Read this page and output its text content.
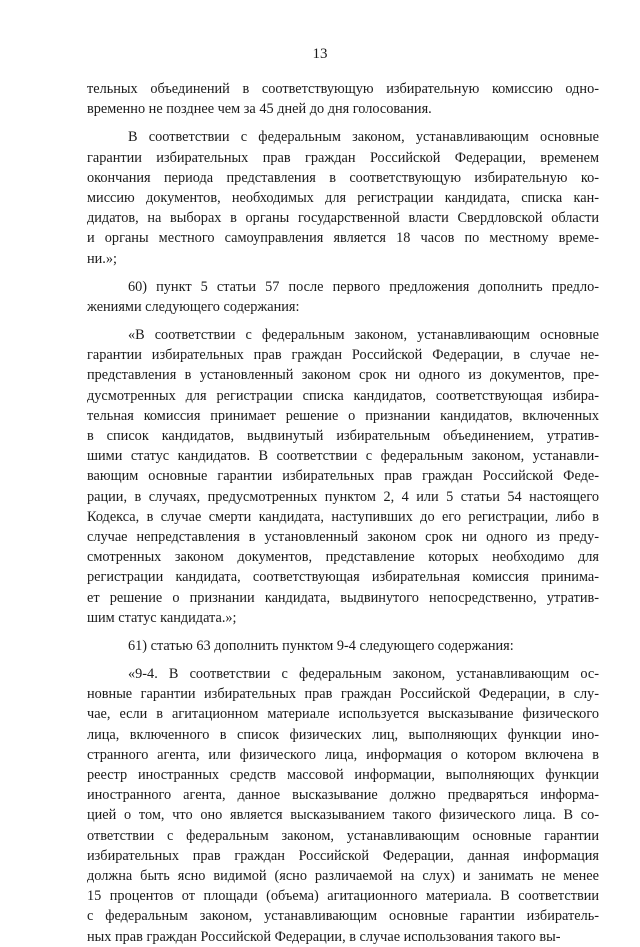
13
тельных объединений в соответствующую избирательную комиссию одно-
временно не позднее чем за 45 дней до дня голосования.
В соответствии с федеральным законом, устанавливающим основные
гарантии избирательных прав граждан Российской Федерации, временем
окончания периода представления в соответствующую избирательную ко-
миссию документов, необходимых для регистрации кандидата, списка кан-
дидатов, на выборах в органы государственной власти Свердловской области
и органы местного самоуправления является 18 часов по местному време-
ни.»;
60) пункт 5 статьи 57 после первого предложения дополнить предло-
жениями следующего содержания:
«В соответствии с федеральным законом, устанавливающим основные
гарантии избирательных прав граждан Российской Федерации, в случае не-
представления в установленный законом срок ни одного из документов, пре-
дусмотренных для регистрации списка кандидатов, соответствующая избира-
тельная комиссия принимает решение о признании кандидатов, включенных
в список кандидатов, выдвинутый избирательным объединением, утратив-
шими статус кандидатов. В соответствии с федеральным законом, устанавли-
вающим основные гарантии избирательных прав граждан Российской Феде-
рации, в случаях, предусмотренных пунктом 2, 4 или 5 статьи 54 настоящего
Кодекса, в случае смерти кандидата, наступивших до его регистрации, либо в
случае непредставления в установленный законом срок ни одного из преду-
смотренных законом документов, представление которых необходимо для
регистрации кандидата, соответствующая избирательная комиссия принима-
ет решение о признании кандидата, выдвинутого непосредственно, утратив-
шим статус кандидата.»;
61) статью 63 дополнить пунктом 9-4 следующего содержания:
«9-4. В соответствии с федеральным законом, устанавливающим ос-
новные гарантии избирательных прав граждан Российской Федерации, в слу-
чае, если в агитационном материале используется высказывание физического
лица, включенного в список физических лиц, выполняющих функции ино-
странного агента, или физического лица, информация о котором включена в
реестр иностранных средств массовой информации, выполняющих функции
иностранного агента, данное высказывание должно предваряться информа-
цией о том, что оно является высказыванием такого физического лица. В со-
ответствии с федеральным законом, устанавливающим основные гарантии
избирательных прав граждан Российской Федерации, данная информация
должна быть ясно видимой (ясно различаемой на слух) и занимать не менее
15 процентов от площади (объема) агитационного материала. В соответствии
с федеральным законом, устанавливающим основные гарантии избиратель-
ных прав граждан Российской Федерации, в случае использования такого вы-
